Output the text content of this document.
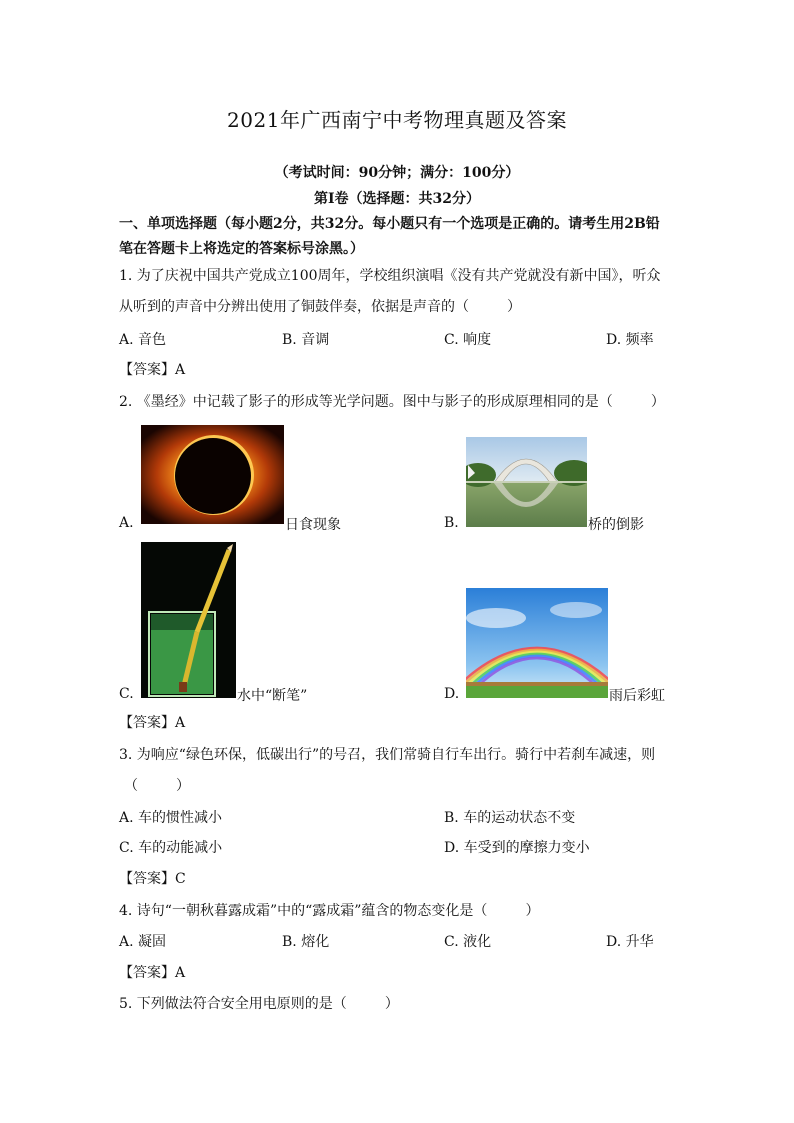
2021年广西南宁中考物理真题及答案
（考试时间：90分钟；满分：100分）
第Ⅰ卷（选择题：共32分）
一、单项选择题（每小题2分，共32分。每小题只有一个选项是正确的。请考生用2B铅
笔在答题卡上将选定的答案标号涂黑。）
1. 为了庆祝中国共产党成立100周年，学校组织演唱《没有共产党就没有新中国》，听众
从听到的声音中分辨出使用了铜鼓伴奏，依据是声音的（	）
A. 音色	B. 音调	C. 响度	D. 频率
【答案】A
2. 《墨经》中记载了影子的形成等光学问题。图中与影子的形成原理相同的是（	）
A.	日食现象	B.	桥的倒影
C.	水中“断笔”	D.	雨后彩虹
【答案】A
3. 为响应“绿色环保，低碳出行”的号召，我们常骑自行车出行。骑行中若刹车减速，则
（	）
A. 车的惯性减小	B. 车的运动状态不变
C. 车的动能减小	D. 车受到的摩擦力变小
【答案】C
4. 诗句“一朝秋暮露成霜”中的“露成霜”蕴含的物态变化是（	）
A. 凝固	B. 熔化	C. 液化	D. 升华
【答案】A
5. 下列做法符合安全用电原则的是（	）
